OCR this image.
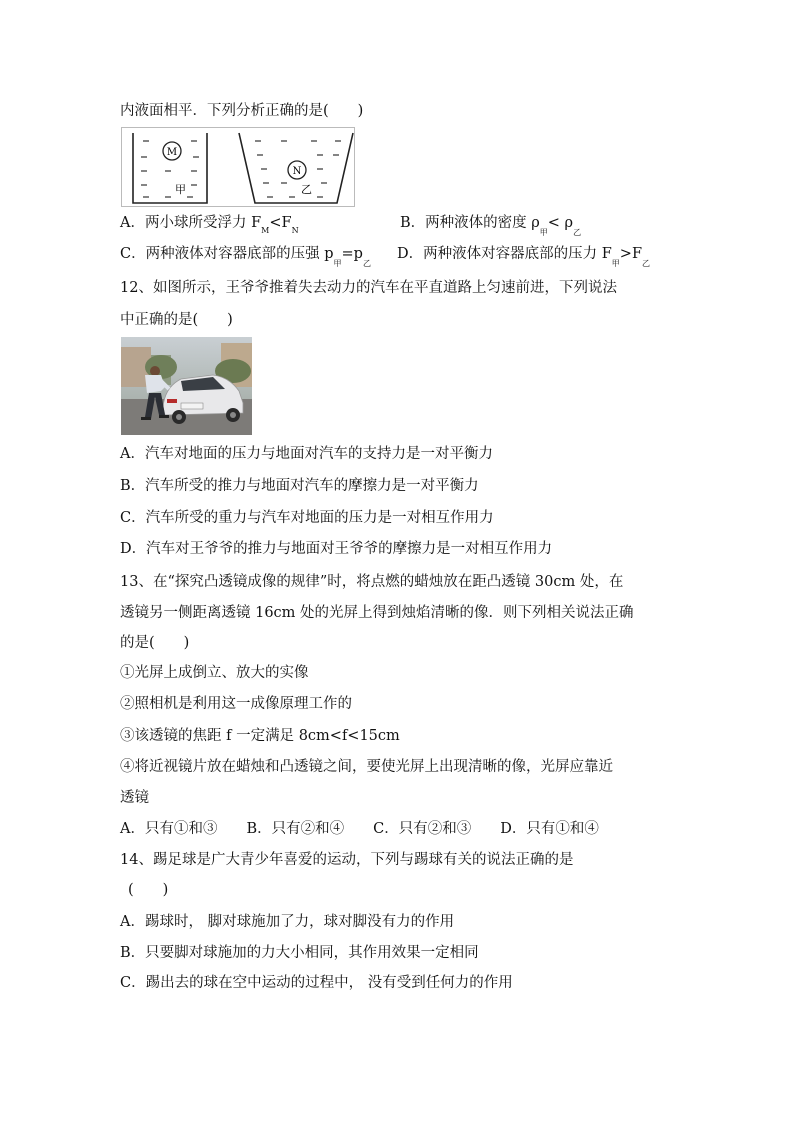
内液面相平．下列分析正确的是(　　)
M
N
甲	乙
A．两小球所受浮力 $F_M<F_N$	B．两种液体的密度 $\rho_甲< \rho_乙$
C．两种液体对容器底部的压强 $p_甲=p_乙$
D．两种液体对容器底部的压力 $F_甲>F_乙$
12、如图所示，王爷爷推着失去动力的汽车在平直道路上匀速前进，下列说法
中正确的是(　　)
A．汽车对地面的压力与地面对汽车的支持力是一对平衡力
B．汽车所受的推力与地面对汽车的摩擦力是一对平衡力
C．汽车所受的重力与汽车对地面的压力是一对相互作用力
D．汽车对王爷爷的推力与地面对王爷爷的摩擦力是一对相互作用力
13、在“探究凸透镜成像的规律”时，将点燃的蜡烛放在距凸透镜 30cm 处，在
透镜另一侧距离透镜 16cm 处的光屏上得到烛焰清晰的像．则下列相关说法正确
的是(　　)
①光屏上成倒立、放大的实像
②照相机是利用这一成像原理工作的
③该透镜的焦距 f 一定满足 8cm<f<15cm
④将近视镜片放在蜡烛和凸透镜之间，要使光屏上出现清晰的像，光屏应靠近
透镜
A．只有①和③　　B．只有②和④　　C．只有②和③　　D．只有①和④
14、踢足球是广大青少年喜爱的运动，下列与踢球有关的说法正确的是
(　　)
A．踢球时， 脚对球施加了力，球对脚没有力的作用
B．只要脚对球施加的力大小相同，其作用效果一定相同
C．踢出去的球在空中运动的过程中， 没有受到任何力的作用
